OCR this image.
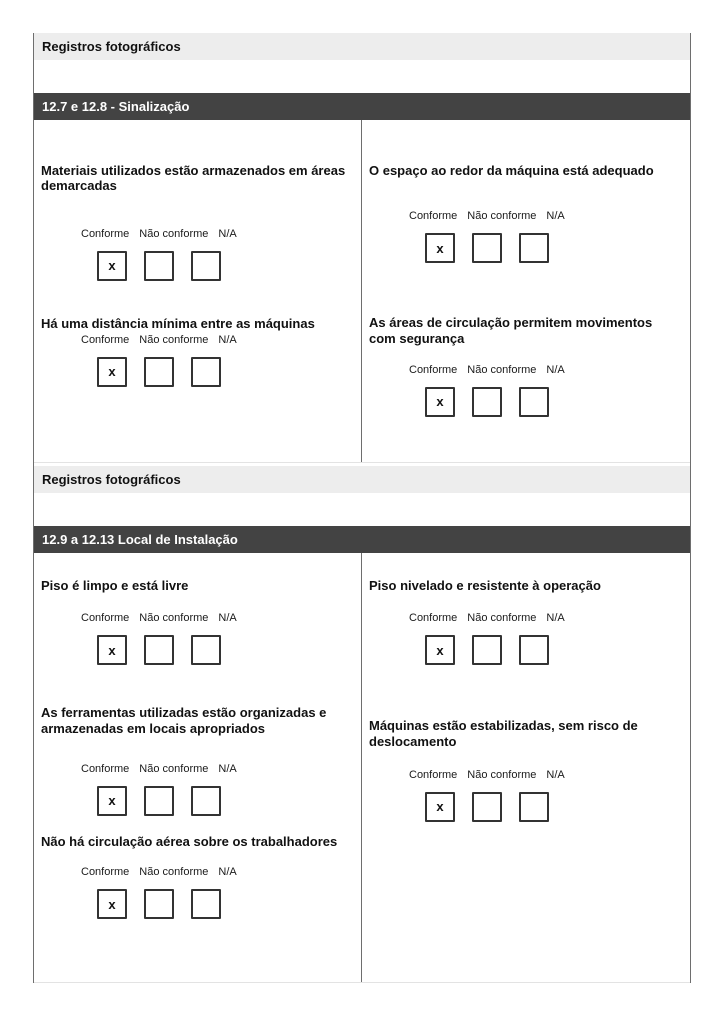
Registros fotográficos
12.7 e 12.8 - Sinalização
Materiais utilizados estão armazenados em áreas demarcadas
Conforme Não conforme N/A
x
Há uma distância mínima entre as máquinas
Conforme Não conforme N/A
x
O espaço ao redor da máquina está adequado
Conforme Não conforme N/A
x
As áreas de circulação permitem movimentos com segurança
Conforme Não conforme N/A
x
Registros fotográficos
12.9 a 12.13 Local de Instalação
Piso é limpo e está livre
Conforme Não conforme N/A
x
As ferramentas utilizadas estão organizadas e armazenadas em locais apropriados
Conforme Não conforme N/A
x
Não há circulação aérea sobre os trabalhadores
Conforme Não conforme N/A
x
Piso nivelado e resistente à operação
Conforme Não conforme N/A
x
Máquinas estão estabilizadas, sem risco de deslocamento
Conforme Não conforme N/A
x
